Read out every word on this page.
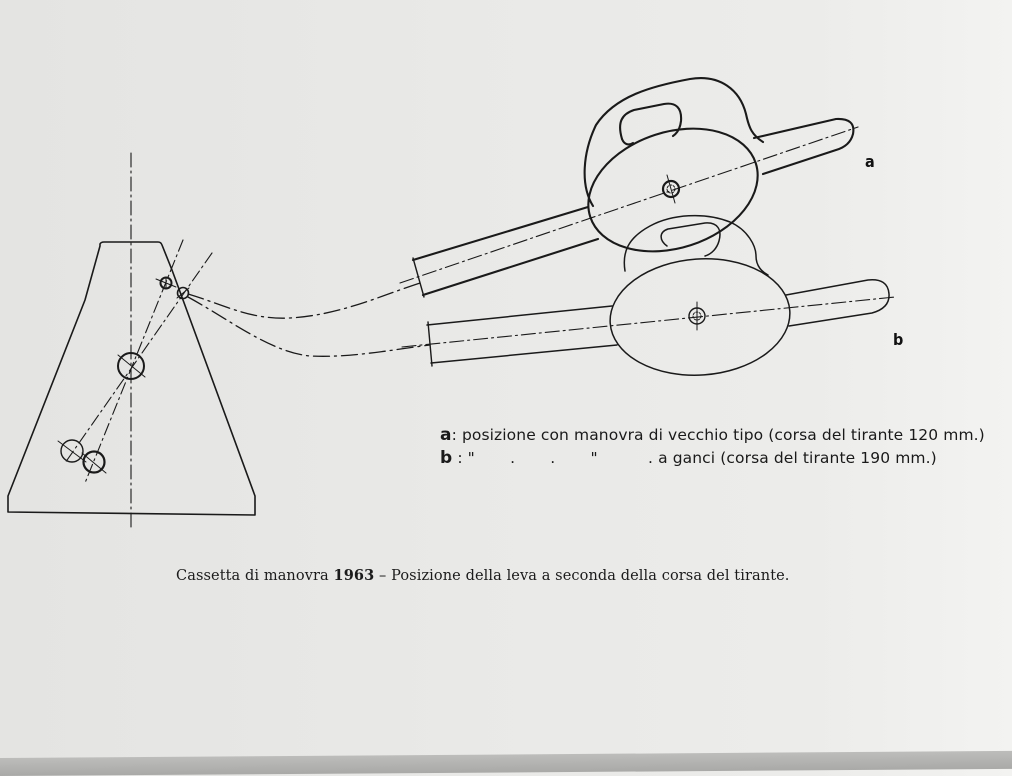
a
b
a: posizione con manovra di vecchio tipo (corsa del tirante 120 mm.)
b : "       .       .       "	. a ganci (corsa del tirante 190 mm.)
Cassetta di manovra 1963 – Posizione della leva a seconda della corsa del tirante.
